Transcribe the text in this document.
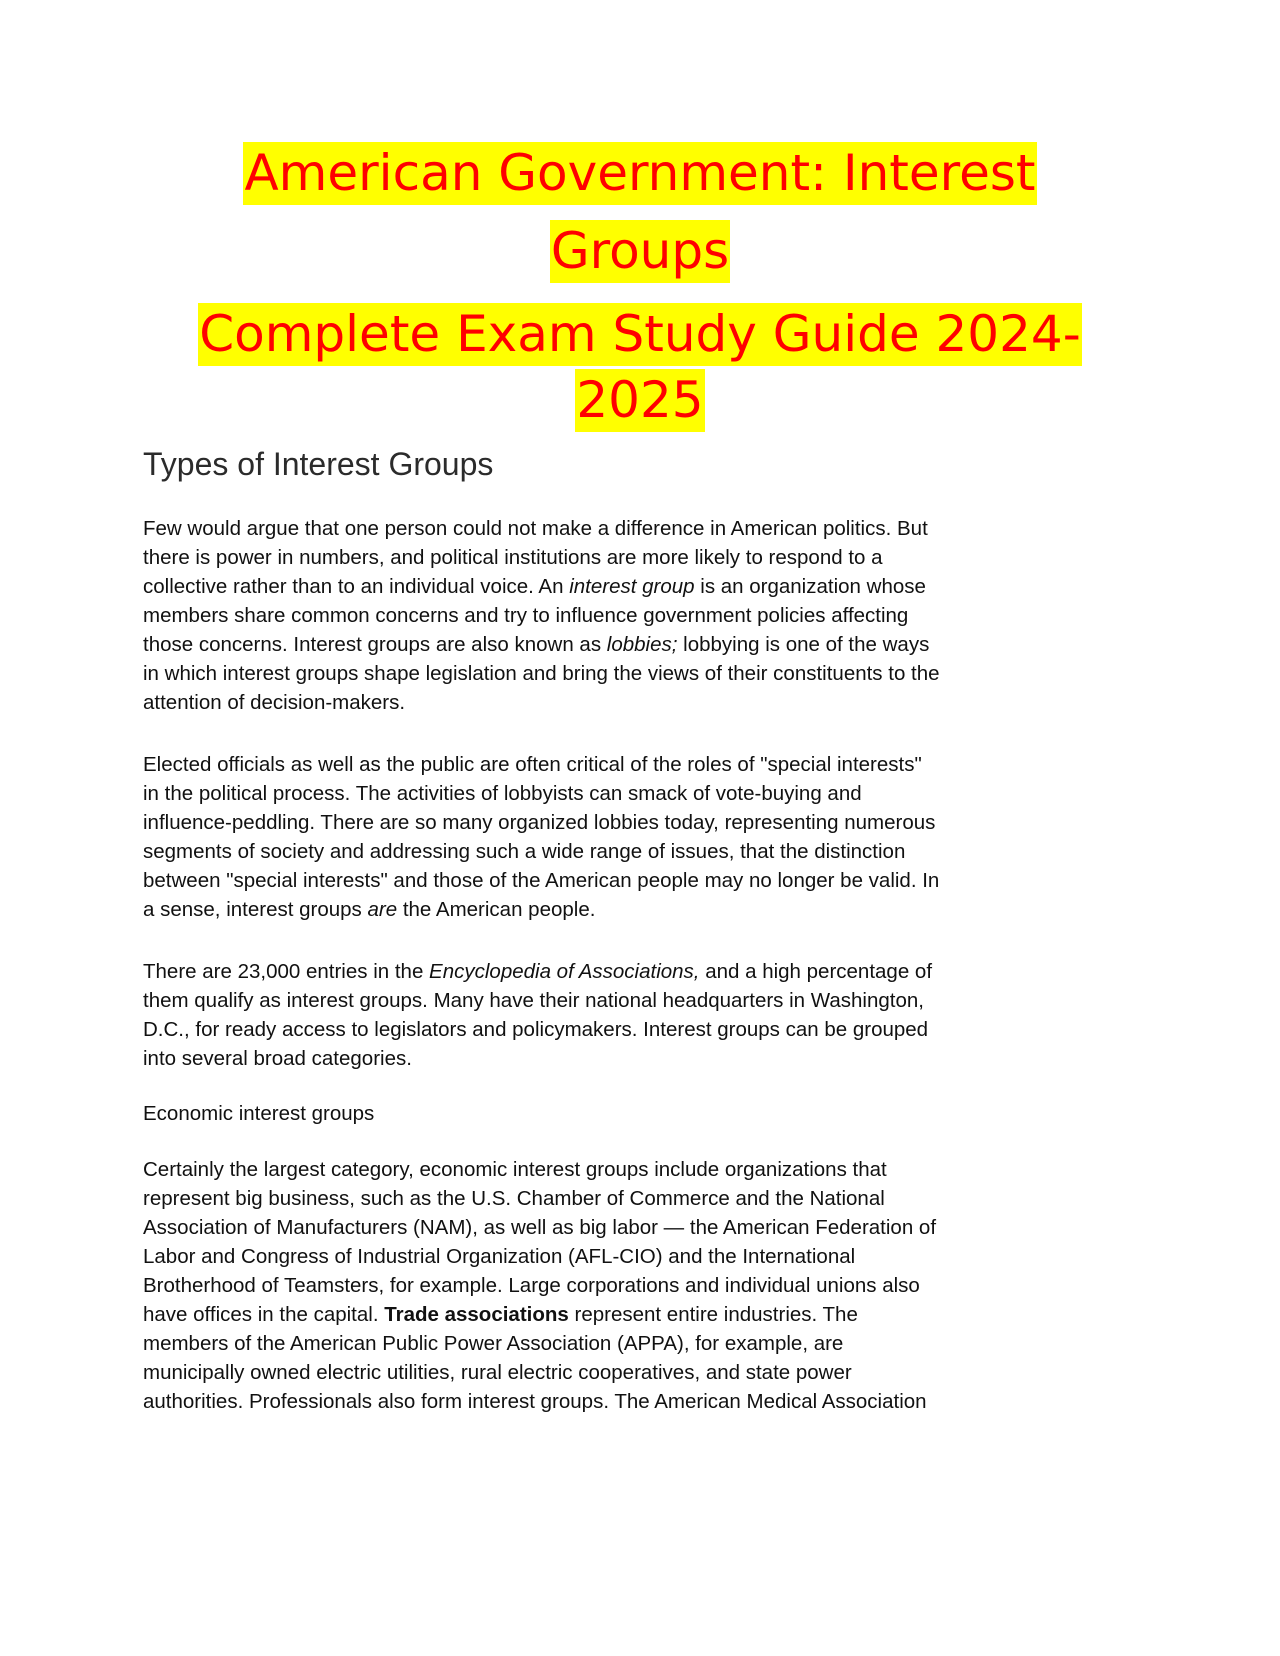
American Government: Interest
Groups
Complete Exam Study Guide 2024-
2025
Types of Interest Groups

Few would argue that one person could not make a difference in American politics. But
there is power in numbers, and political institutions are more likely to respond to a
collective rather than to an individual voice. An interest group is an organization whose
members share common concerns and try to influence government policies affecting
those concerns. Interest groups are also known as lobbies; lobbying is one of the ways
in which interest groups shape legislation and bring the views of their constituents to the
attention of decision-makers.

Elected officials as well as the public are often critical of the roles of "special interests"
in the political process. The activities of lobbyists can smack of vote-buying and
influence-peddling. There are so many organized lobbies today, representing numerous
segments of society and addressing such a wide range of issues, that the distinction
between "special interests" and those of the American people may no longer be valid. In
a sense, interest groups are the American people.

There are 23,000 entries in the Encyclopedia of Associations, and a high percentage of
them qualify as interest groups. Many have their national headquarters in Washington,
D.C., for ready access to legislators and policymakers. Interest groups can be grouped
into several broad categories.

Economic interest groups

Certainly the largest category, economic interest groups include organizations that
represent big business, such as the U.S. Chamber of Commerce and the National
Association of Manufacturers (NAM), as well as big labor — the American Federation of
Labor and Congress of Industrial Organization (AFL-CIO) and the International
Brotherhood of Teamsters, for example. Large corporations and individual unions also
have offices in the capital. Trade associations represent entire industries. The
members of the American Public Power Association (APPA), for example, are
municipally owned electric utilities, rural electric cooperatives, and state power
authorities. Professionals also form interest groups. The American Medical Association
